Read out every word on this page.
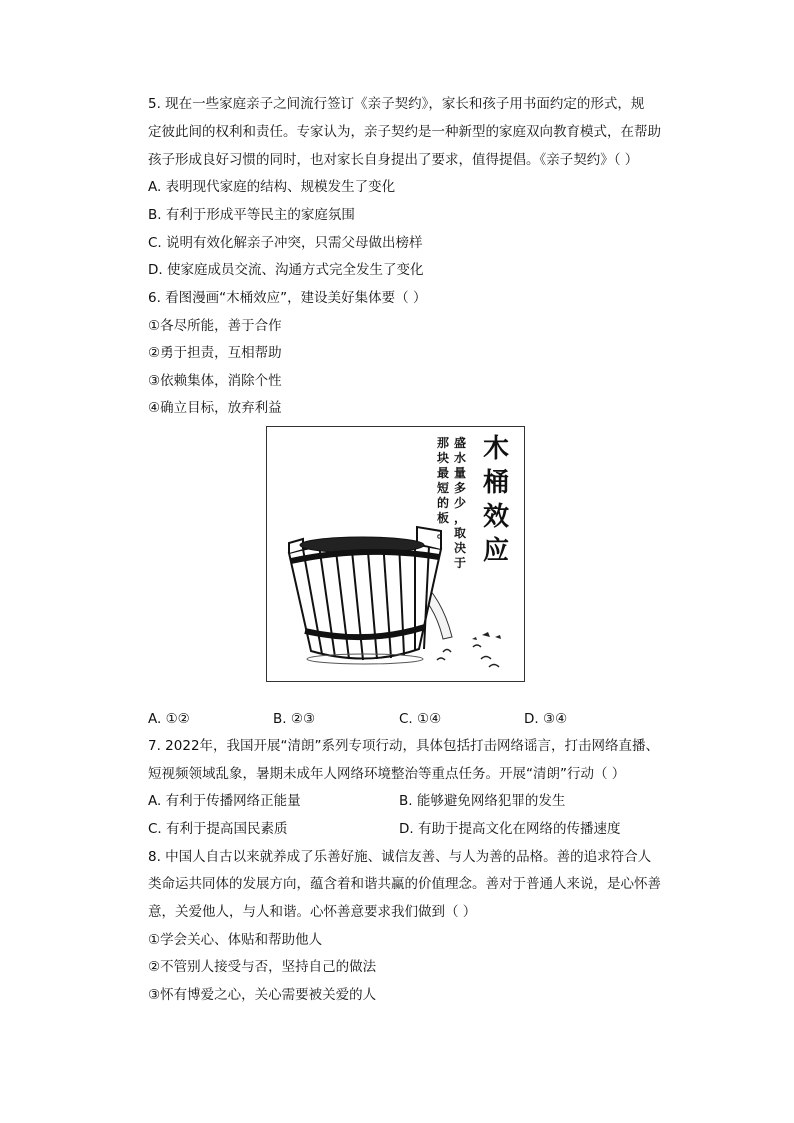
5. 现在一些家庭亲子之间流行签订《亲子契约》，家长和孩子用书面约定的形式，规
定彼此间的权利和责任。专家认为，亲子契约是一种新型的家庭双向教育模式，在帮助
孩子形成良好习惯的同时，也对家长自身提出了要求，值得提倡。《亲子契约》（ ）
A. 表明现代家庭的结构、规模发生了变化
B. 有利于形成平等民主的家庭氛围
C. 说明有效化解亲子冲突，只需父母做出榜样
D. 使家庭成员交流、沟通方式完全发生了变化
6. 看图漫画“木桶效应”，建设美好集体要（ ）
①各尽所能，善于合作
②勇于担责，互相帮助
③依赖集体，消除个性
④确立目标，放弃利益
木
桶
效
应
盛
水
量
多
少
，
取
决
于
那
块
最
短
的
板
。
A. ①②	B. ②③	C. ①④	D. ③④
7. 2022年，我国开展“清朗”系列专项行动，具体包括打击网络谣言，打击网络直播、
短视频领域乱象，暑期未成年人网络环境整治等重点任务。开展“清朗”行动（ ）
A. 有利于传播网络正能量	B. 能够避免网络犯罪的发生
C. 有利于提高国民素质	D. 有助于提高文化在网络的传播速度
8. 中国人自古以来就养成了乐善好施、诚信友善、与人为善的品格。善的追求符合人
类命运共同体的发展方向，蕴含着和谐共赢的价值理念。善对于普通人来说，是心怀善
意，关爱他人，与人和谐。心怀善意要求我们做到（ ）
①学会关心、体贴和帮助他人
②不管别人接受与否，坚持自己的做法
③怀有博爱之心，关心需要被关爱的人
